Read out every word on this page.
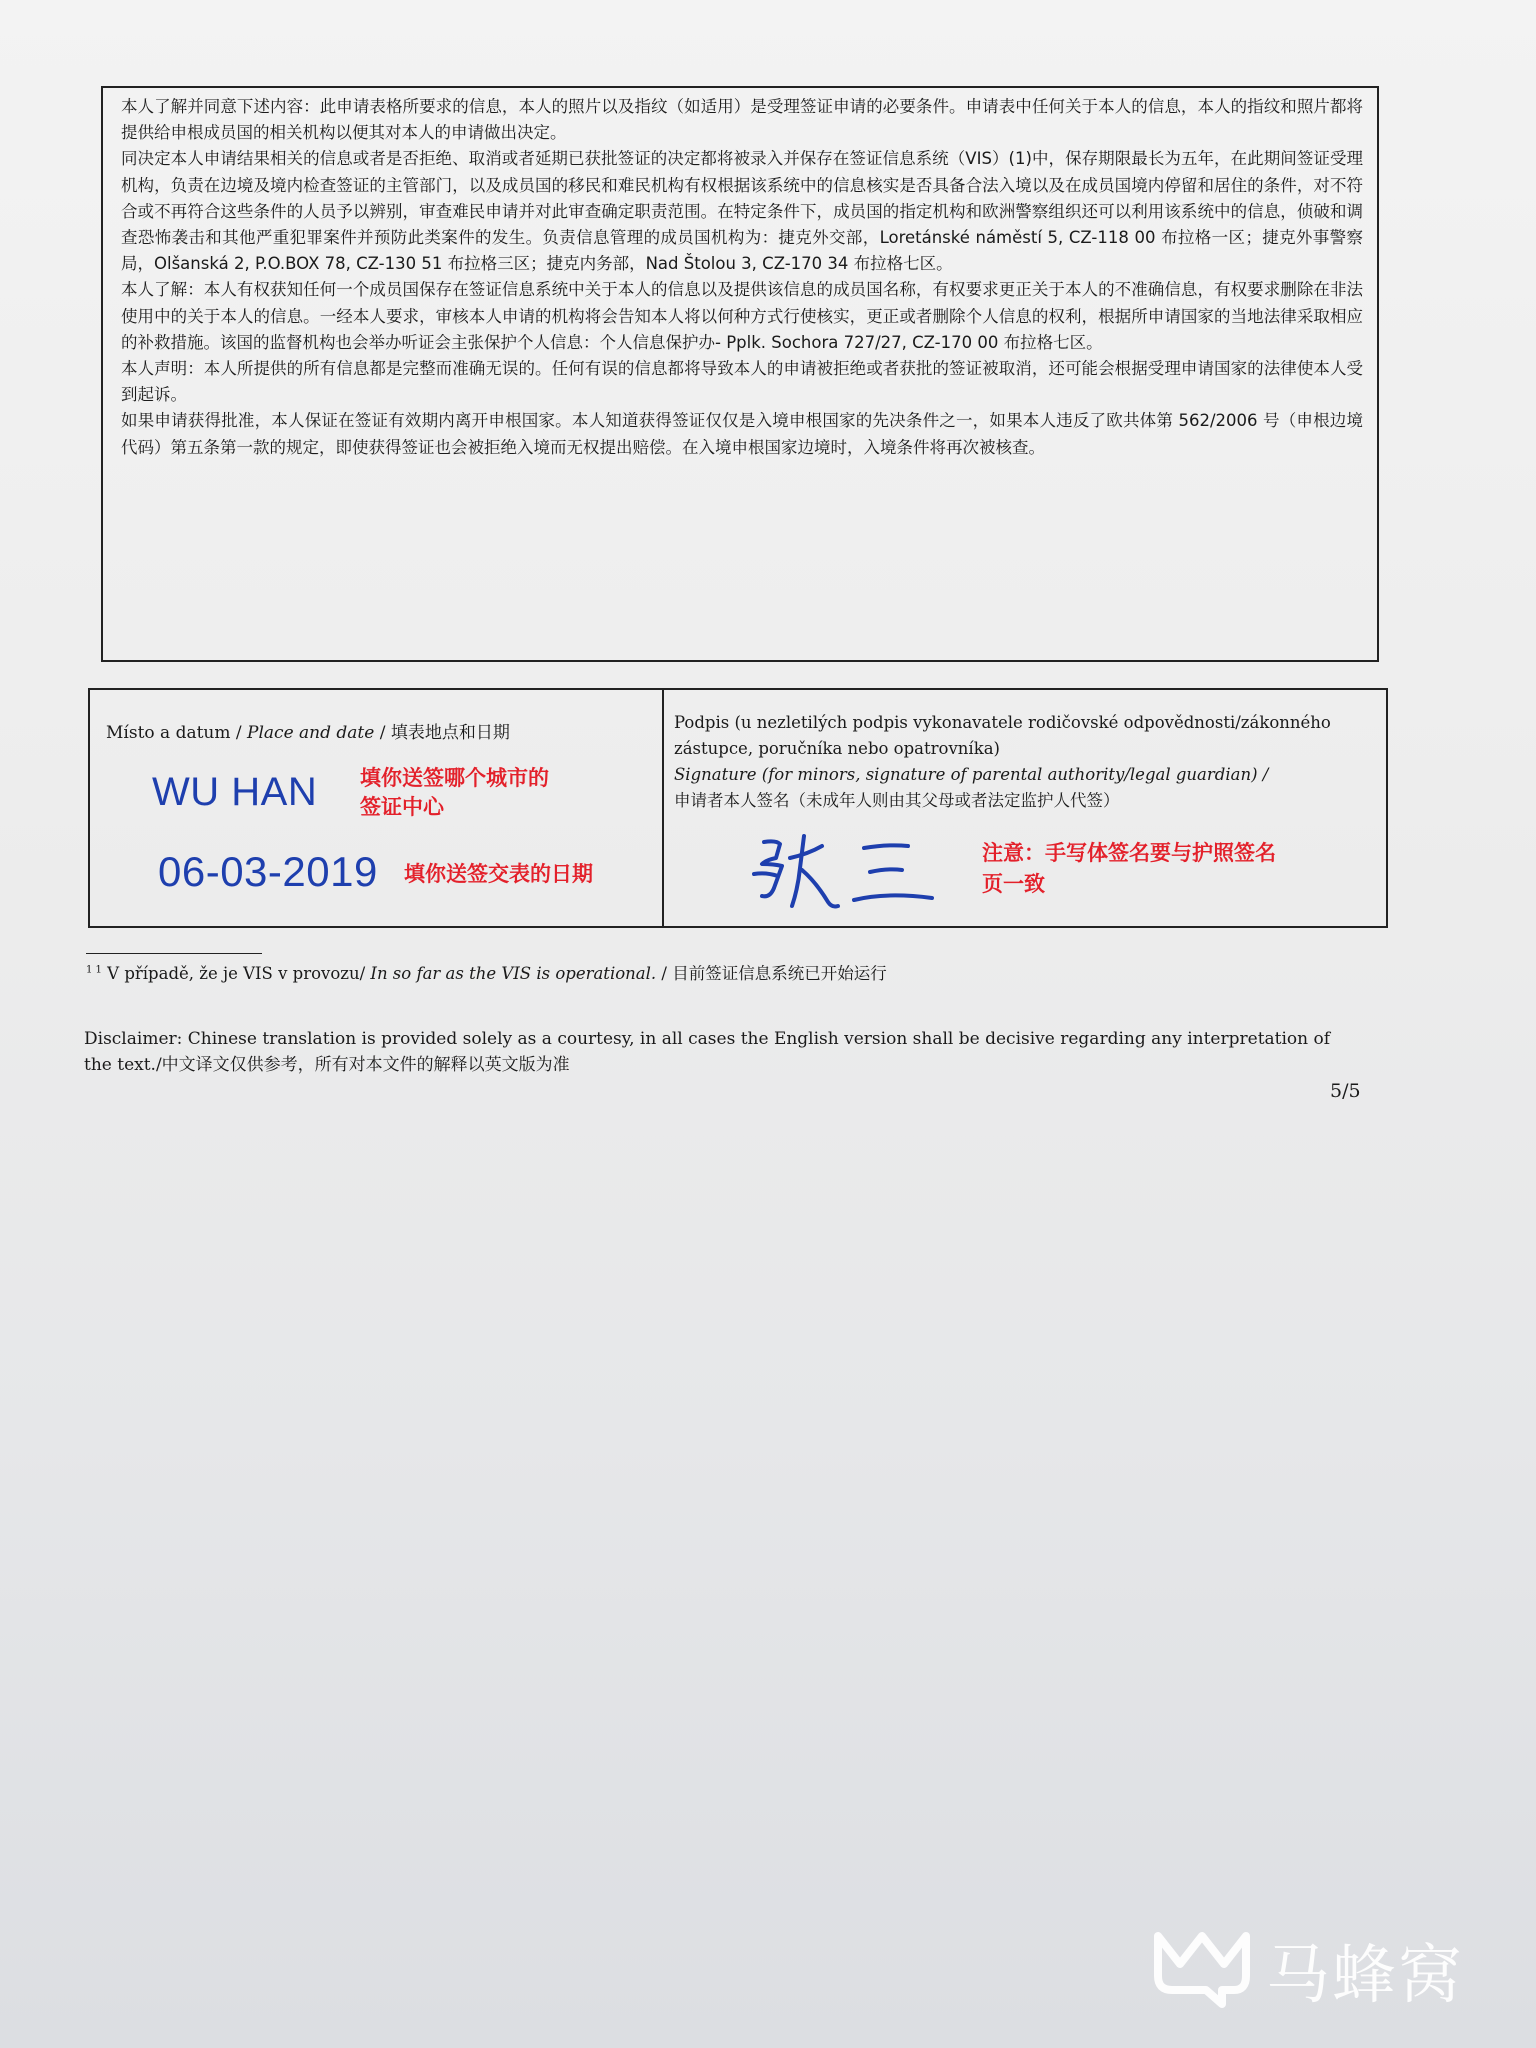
本人了解并同意下述内容：此申请表格所要求的信息，本人的照片以及指纹（如适用）是受理签证申请的必要条件。申请表中任何关于本人的信息，本人的指纹和照片都将提供给申根成员国的相关机构以便其对本人的申请做出决定。

同决定本人申请结果相关的信息或者是否拒绝、取消或者延期已获批签证的决定都将被录入并保存在签证信息系统（VIS）(1)中，保存期限最长为五年，在此期间签证受理机构，负责在边境及境内检查签证的主管部门，以及成员国的移民和难民机构有权根据该系统中的信息核实是否具备合法入境以及在成员国境内停留和居住的条件，对不符合或不再符合这些条件的人员予以辨别，审查难民申请并对此审查确定职责范围。在特定条件下，成员国的指定机构和欧洲警察组织还可以利用该系统中的信息，侦破和调查恐怖袭击和其他严重犯罪案件并预防此类案件的发生。负责信息管理的成员国机构为：捷克外交部，Loretánské náměstí 5, CZ-118 00 布拉格一区；捷克外事警察局，Olšanská 2, P.O.BOX 78, CZ-130 51 布拉格三区；捷克内务部，Nad Štolou 3, CZ-170 34 布拉格七区。

本人了解：本人有权获知任何一个成员国保存在签证信息系统中关于本人的信息以及提供该信息的成员国名称，有权要求更正关于本人的不准确信息，有权要求删除在非法使用中的关于本人的信息。一经本人要求，审核本人申请的机构将会告知本人将以何种方式行使核实，更正或者删除个人信息的权利，根据所申请国家的当地法律采取相应的补救措施。该国的监督机构也会举办听证会主张保护个人信息：个人信息保护办- Pplk. Sochora 727/27, CZ-170 00 布拉格七区。

本人声明：本人所提供的所有信息都是完整而准确无误的。任何有误的信息都将导致本人的申请被拒绝或者获批的签证被取消，还可能会根据受理申请国家的法律使本人受到起诉。

如果申请获得批准，本人保证在签证有效期内离开申根国家。本人知道获得签证仅仅是入境申根国家的先决条件之一，如果本人违反了欧共体第 562/2006 号（申根边境代码）第五条第一款的规定，即使获得签证也会被拒绝入境而无权提出赔偿。在入境申根国家边境时，入境条件将再次被核查。

Místo a datum / Place and date / 填表地点和日期
WU HAN 填你送签哪个城市的签证中心
06-03-2019 填你送签交表的日期

Podpis (u nezletilých podpis vykonavatele rodičovské odpovědnosti/zákonného zástupce, poručníka nebo opatrovníka)

Signature (for minors, signature of parental authority/legal guardian) /

申请者本人签名（未成年人则由其父母或者法定监护人代签）

注意：手写体签名要与护照签名页一致
$^{1 1}$ V případě, že je VIS v provozu/ In so far as the VIS is operational. / 目前签证信息系统已开始运行

Disclaimer: Chinese translation is provided solely as a courtesy, in all cases the English version shall be decisive regarding any interpretation of the text./中文译文仅供参考，所有对本文件的解释以英文版为准

5/5
马蜂窝
